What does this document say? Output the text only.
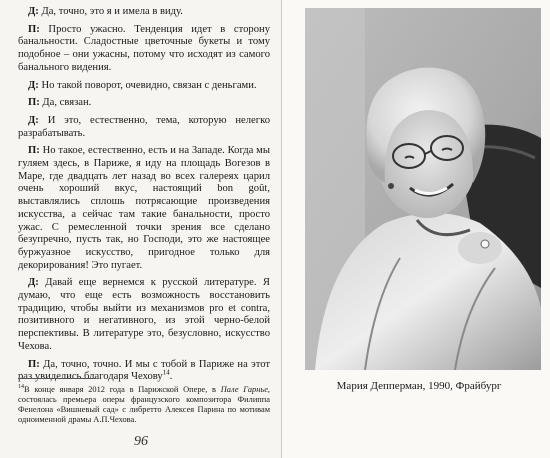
Д: Да, точно, это я и имела в виду.

П: Просто ужасно. Тенденция идет в сторону банальности. Сладостные цветочные букеты и тому подобное – они ужасны, потому что исходят из самого банального видения.

Д: Но такой поворот, очевидно, связан с деньгами.

П: Да, связан.

Д: И это, естественно, тема, которую нелегко разрабатывать.

П: Но такое, естественно, есть и на Западе. Когда мы гуляем здесь, в Париже, я иду на площадь Вогезов в Маре, где двадцать лет назад во всех галереях царил очень хороший вкус, настоящий bon goût, выставлялись сплошь потрясающие произведения искусства, а сейчас там такие банальности, просто ужас. С ремесленной точки зрения все сделано безупречно, пусть так, но Господи, это же настоящее буржуазное искусство, пригодное только для декорирования! Это пугает.

Д: Давай еще вернемся к русской литературе. Я думаю, что еще есть возможность восстановить традицию, чтобы выйти из механизмов pro et contra, позитивного и негативного, из этой черно-белой перспективы. В литературе это, безусловно, искусство Чехова.

П: Да, точно, точно. И мы с тобой в Париже на этот раз увиделись благодаря Чехову$^{14}$.

$^{14}$В конце января 2012 года в Парижской Опере, в Пале Гарнье, состоялась премьера оперы французского композитора Филиппа Фенелона «Вишневый сад» с либретто Алексея Парина по мотивам одноименной драмы А.П.Чехова.
96
Мария Депперман, 1990, Фрайбург
